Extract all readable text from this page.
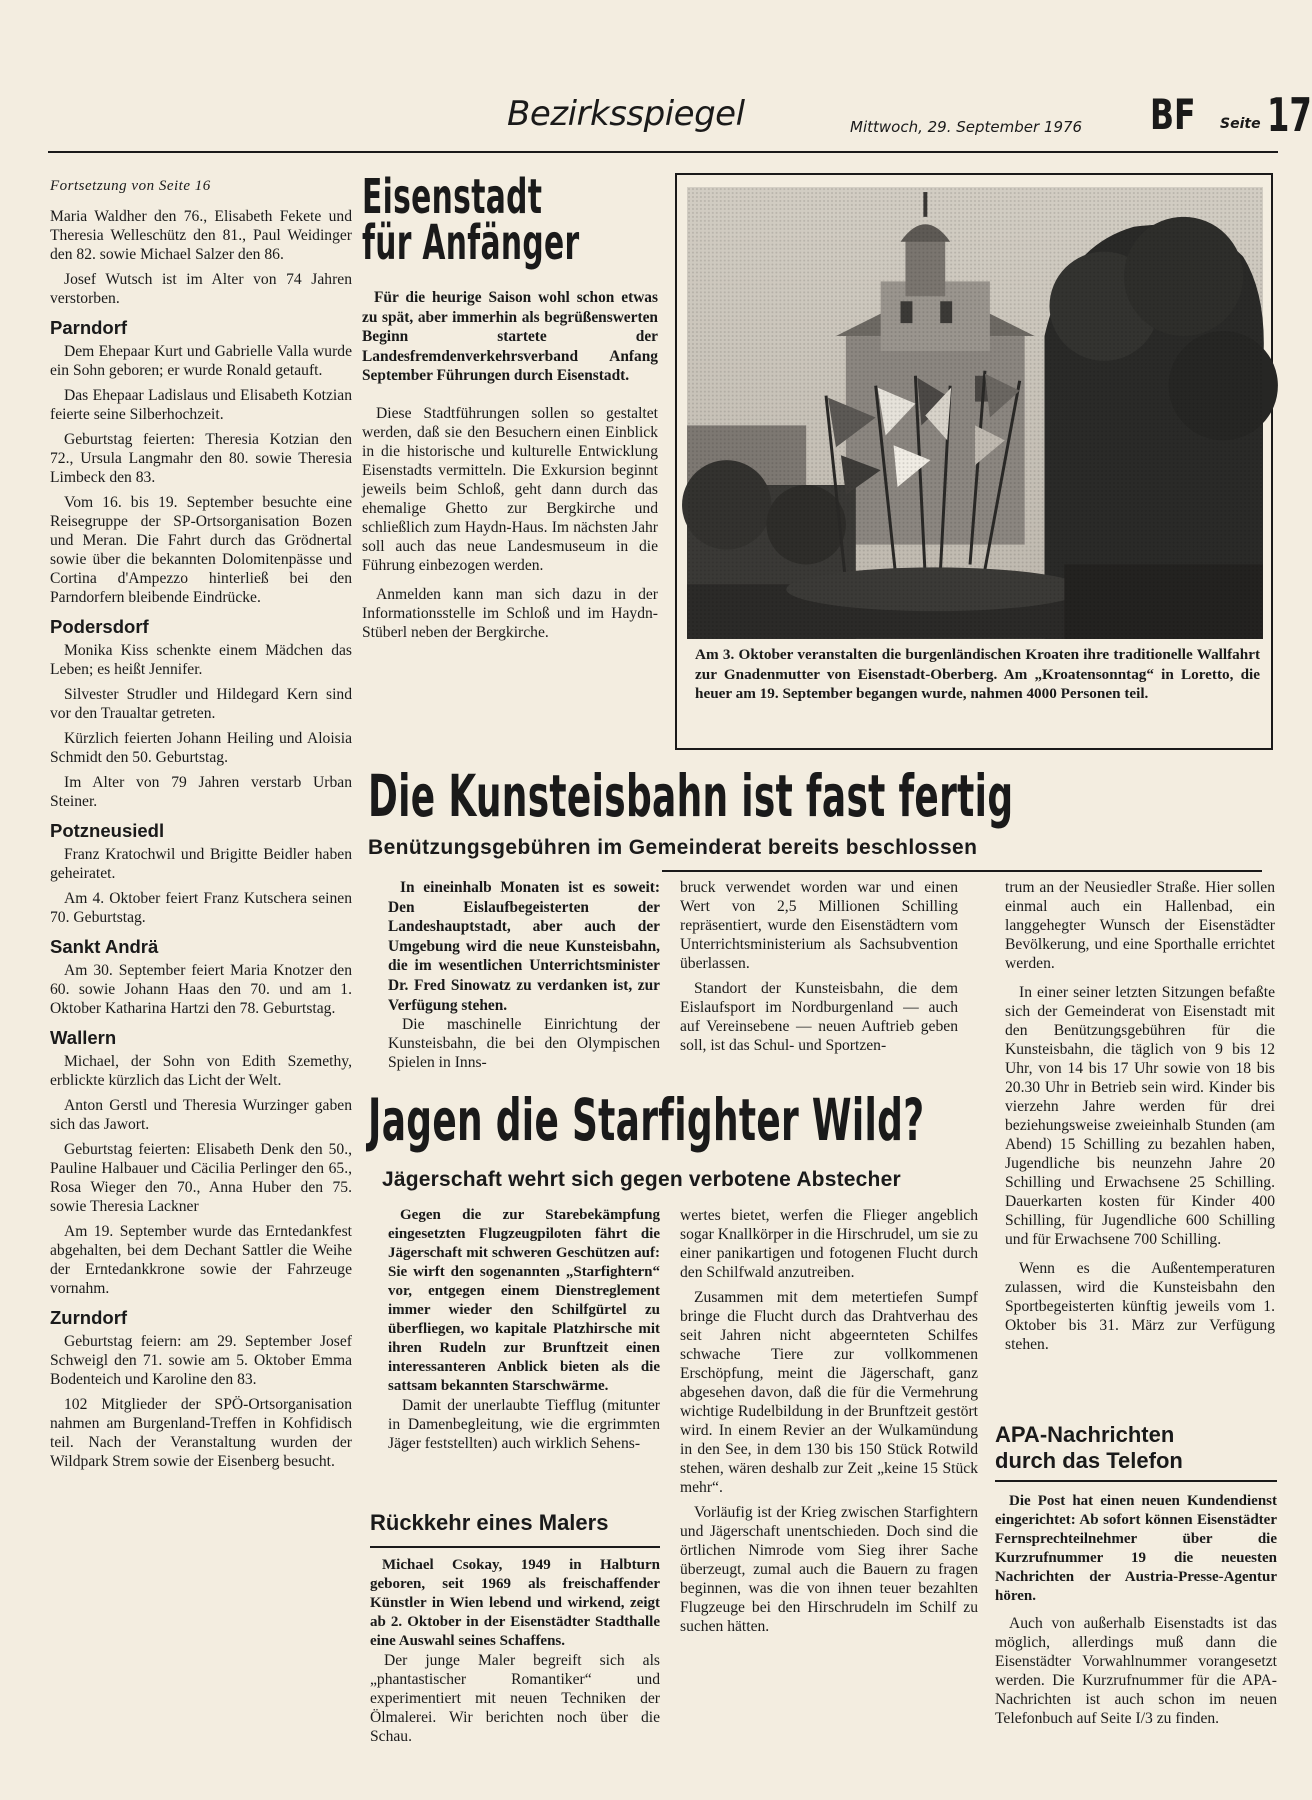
Bezirksspiegel	Mittwoch, 29. September 1976 BF Seite 17
Fortsetzung von Seite 16

Maria Waldher den 76., Elisabeth Fekete und Theresia Welleschütz den 81., Paul Weidinger den 82. sowie Michael Salzer den 86.

Josef Wutsch ist im Alter von 74 Jahren verstorben.

Parndorf

Dem Ehepaar Kurt und Gabrielle Valla wurde ein Sohn geboren; er wurde Ronald getauft.

Das Ehepaar Ladislaus und Elisabeth Kotzian feierte seine Silberhochzeit.

Geburtstag feierten: Theresia Kotzian den 72., Ursula Langmahr den 80. sowie Theresia Limbeck den 83.

Vom 16. bis 19. September besuchte eine Reisegruppe der SP-Ortsorganisation Bozen und Meran. Die Fahrt durch das Grödnertal sowie über die bekannten Dolomitenpässe und Cortina d'Ampezzo hinterließ bei den Parndorfern bleibende Eindrücke.

Podersdorf

Monika Kiss schenkte einem Mädchen das Leben; es heißt Jennifer.

Silvester Strudler und Hildegard Kern sind vor den Traualtar getreten.

Kürzlich feierten Johann Heiling und Aloisia Schmidt den 50. Geburtstag.

Im Alter von 79 Jahren verstarb Urban Steiner.

Potzneusiedl

Franz Kratochwil und Brigitte Beidler haben geheiratet.

Am 4. Oktober feiert Franz Kutschera seinen 70. Geburtstag.

Sankt Andrä

Am 30. September feiert Maria Knotzer den 60. sowie Johann Haas den 70. und am 1. Oktober Katharina Hartzi den 78. Geburtstag.

Wallern

Michael, der Sohn von Edith Szemethy, erblickte kürzlich das Licht der Welt.

Anton Gerstl und Theresia Wurzinger gaben sich das Jawort.

Geburtstag feierten: Elisabeth Denk den 50., Pauline Halbauer und Cäcilia Perlinger den 65., Rosa Wieger den 70., Anna Huber den 75. sowie Theresia Lackner

Am 19. September wurde das Erntedankfest abgehalten, bei dem Dechant Sattler die Weihe der Erntedankkrone sowie der Fahrzeuge vornahm.

Zurndorf

Geburtstag feiern: am 29. September Josef Schweigl den 71. sowie am 5. Oktober Emma Bodenteich und Karoline den 83.

102 Mitglieder der SPÖ-Ortsorganisation nahmen am Burgenland-Treffen in Kohfidisch teil. Nach der Veranstaltung wurden der Wildpark Strem sowie der Eisenberg besucht.

Eisenstadt
für Anfänger
Für die heurige Saison wohl schon etwas zu spät, aber immerhin als begrüßenswerten Beginn startete der Landesfremdenverkehrsverband Anfang September Führungen durch Eisenstadt.

Diese Stadtführungen sollen so gestaltet werden, daß sie den Besuchern einen Einblick in die historische und kulturelle Entwicklung Eisenstadts vermitteln. Die Exkursion beginnt jeweils beim Schloß, geht dann durch das ehemalige Ghetto zur Bergkirche und schließlich zum Haydn-Haus. Im nächsten Jahr soll auch das neue Landesmuseum in die Führung einbezogen werden.

Anmelden kann man sich dazu in der Informationsstelle im Schloß und im Haydn-Stüberl neben der Bergkirche.

Am 3. Oktober veranstalten die burgenländischen Kroaten ihre traditionelle Wallfahrt zur Gnadenmutter von Eisenstadt-Oberberg. Am „Kroatensonntag“ in Loretto, die heuer am 19. September begangen wurde, nahmen 4000 Personen teil.
Die Kunsteisbahn ist fast fertig
Benützungsgebühren im Gemeinderat bereits beschlossen
In eineinhalb Monaten ist es soweit: Den Eislaufbegeisterten der Landeshauptstadt, aber auch der Umgebung wird die neue Kunsteisbahn, die im wesentlichen Unterrichtsminister Dr. Fred Sinowatz zu verdanken ist, zur Verfügung stehen.

Die maschinelle Einrichtung der Kunsteisbahn, die bei den Olympischen Spielen in Inns-

bruck verwendet worden war und einen Wert von 2,5 Millionen Schilling repräsentiert, wurde den Eisenstädtern vom Unterrichtsministerium als Sachsubvention überlassen.

Standort der Kunsteisbahn, die dem Eislaufsport im Nordburgenland — auch auf Vereinsebene — neuen Auftrieb geben soll, ist das Schul- und Sportzen-

trum an der Neusiedler Straße. Hier sollen einmal auch ein Hallenbad, ein langgehegter Wunsch der Eisenstädter Bevölkerung, und eine Sporthalle errichtet werden.

In einer seiner letzten Sitzungen befaßte sich der Gemeinderat von Eisenstadt mit den Benützungsgebühren für die Kunsteisbahn, die täglich von 9 bis 12 Uhr, von 14 bis 17 Uhr sowie von 18 bis 20.30 Uhr in Betrieb sein wird. Kinder bis vierzehn Jahre werden für drei beziehungsweise zweieinhalb Stunden (am Abend) 15 Schilling zu bezahlen haben, Jugendliche bis neunzehn Jahre 20 Schilling und Erwachsene 25 Schilling. Dauerkarten kosten für Kinder 400 Schilling, für Jugendliche 600 Schilling und für Erwachsene 700 Schilling.

Wenn es die Außentemperaturen zulassen, wird die Kunsteisbahn den Sportbegeisterten künftig jeweils vom 1. Oktober bis 31. März zur Verfügung stehen.

Jagen die Starfighter Wild?
Jägerschaft wehrt sich gegen verbotene Abstecher
Gegen die zur Starebekämpfung eingesetzten Flugzeugpiloten fährt die Jägerschaft mit schweren Geschützen auf: Sie wirft den sogenannten „Starfightern“ vor, entgegen einem Dienstreglement immer wieder den Schilfgürtel zu überfliegen, wo kapitale Platzhirsche mit ihren Rudeln zur Brunftzeit einen interessanteren Anblick bieten als die sattsam bekannten Starschwärme.

Damit der unerlaubte Tiefflug (mitunter in Damenbegleitung, wie die ergrimmten Jäger feststellten) auch wirklich Sehens-

wertes bietet, werfen die Flieger angeblich sogar Knallkörper in die Hirschrudel, um sie zu einer panikartigen und fotogenen Flucht durch den Schilfwald anzutreiben.

Zusammen mit dem metertiefen Sumpf bringe die Flucht durch das Drahtverhau des seit Jahren nicht abgeernteten Schilfes schwache Tiere zur vollkommenen Erschöpfung, meint die Jägerschaft, ganz abgesehen davon, daß die für die Vermehrung wichtige Rudelbildung in der Brunftzeit gestört wird. In einem Revier an der Wulkamündung in den See, in dem 130 bis 150 Stück Rotwild stehen, wären deshalb zur Zeit „keine 15 Stück mehr“.

Vorläufig ist der Krieg zwischen Starfightern und Jägerschaft unentschieden. Doch sind die örtlichen Nimrode vom Sieg ihrer Sache überzeugt, zumal auch die Bauern zu fragen beginnen, was die von ihnen teuer bezahlten Flugzeuge bei den Hirschrudeln im Schilf zu suchen hätten.

Rückkehr eines Malers
Michael Csokay, 1949 in Halbturn geboren, seit 1969 als freischaffender Künstler in Wien lebend und wirkend, zeigt ab 2. Oktober in der Eisenstädter Stadthalle eine Auswahl seines Schaffens.

Der junge Maler begreift sich als „phantastischer Romantiker“ und experimentiert mit neuen Techniken der Ölmalerei. Wir berichten noch über die Schau.

APA-Nachrichten
durch das Telefon
Die Post hat einen neuen Kundendienst eingerichtet: Ab sofort können Eisenstädter Fernsprechteilnehmer über die Kurzrufnummer 19 die neuesten Nachrichten der Austria-Presse-Agentur hören.

Auch von außerhalb Eisenstadts ist das möglich, allerdings muß dann die Eisenstädter Vorwahlnummer vorangesetzt werden. Die Kurzrufnummer für die APA-Nachrichten ist auch schon im neuen Telefonbuch auf Seite I/3 zu finden.
